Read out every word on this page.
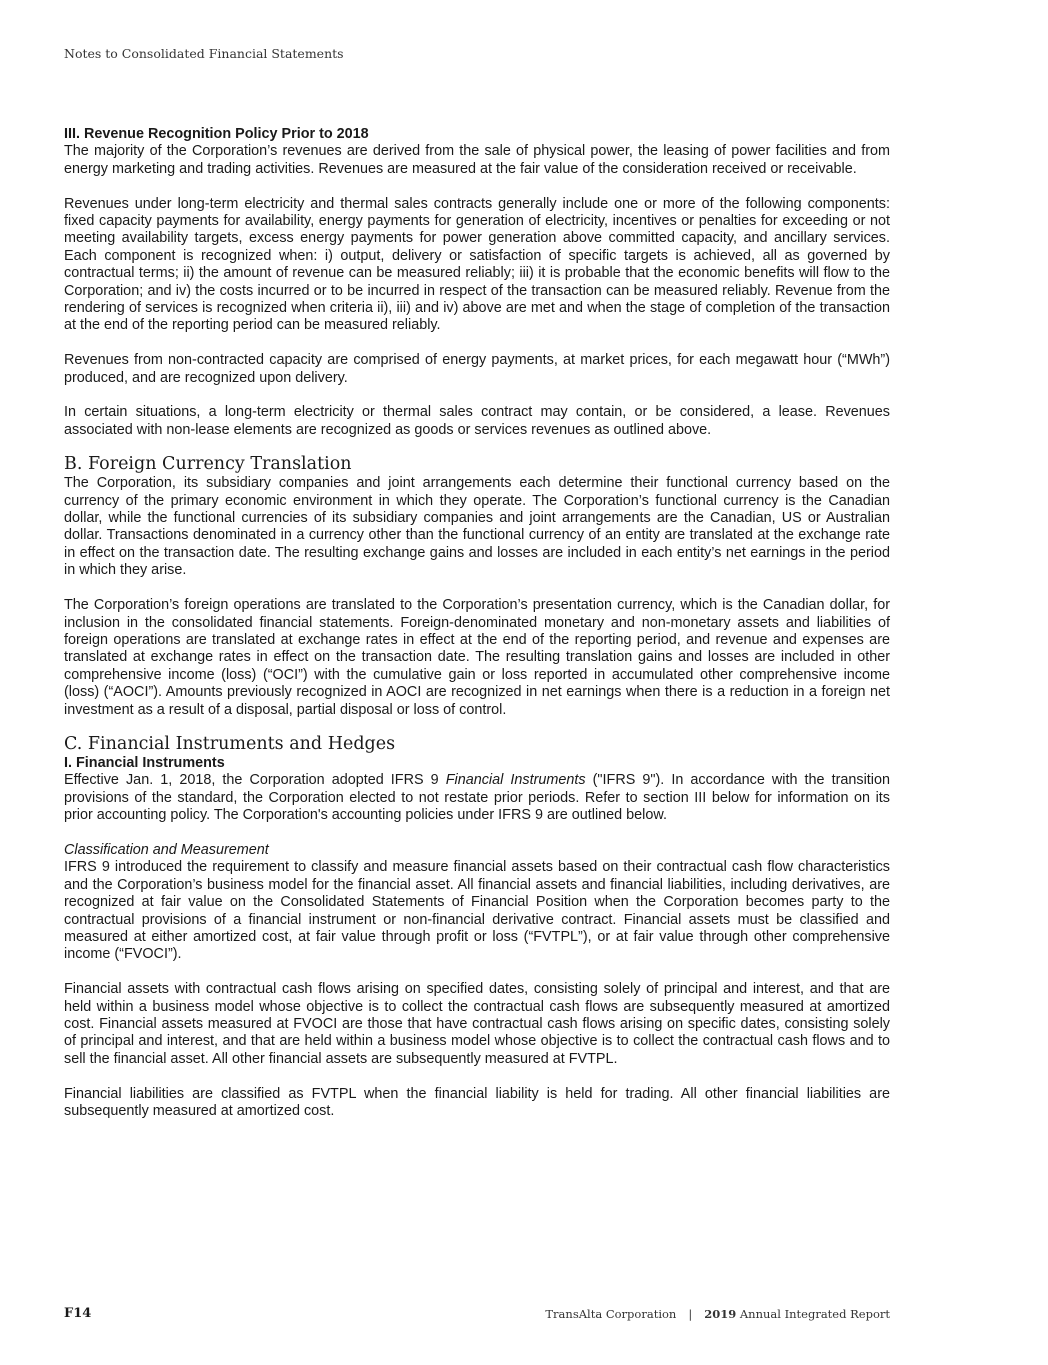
Notes to Consolidated Financial Statements

III. Revenue Recognition Policy Prior to 2018

The majority of the Corporation’s revenues are derived from the sale of physical power, the leasing of power facilities and from energy marketing and trading activities. Revenues are measured at the fair value of the consideration received or receivable.

Revenues under long-term electricity and thermal sales contracts generally include one or more of the following components: fixed capacity payments for availability, energy payments for generation of electricity, incentives or penalties for exceeding or not meeting availability targets, excess energy payments for power generation above committed capacity, and ancillary services. Each component is recognized when: i) output, delivery or satisfaction of specific targets is achieved, all as governed by contractual terms; ii) the amount of revenue can be measured reliably; iii) it is probable that the economic benefits will flow to the Corporation; and iv) the costs incurred or to be incurred in respect of the transaction can be measured reliably. Revenue from the rendering of services is recognized when criteria ii), iii) and iv) above are met and when the stage of completion of the transaction at the end of the reporting period can be measured reliably.

Revenues from non-contracted capacity are comprised of energy payments, at market prices, for each megawatt hour (“MWh”) produced, and are recognized upon delivery.

In certain situations, a long-term electricity or thermal sales contract may contain, or be considered, a lease. Revenues associated with non-lease elements are recognized as goods or services revenues as outlined above.

B. Foreign Currency Translation

The Corporation, its subsidiary companies and joint arrangements each determine their functional currency based on the currency of the primary economic environment in which they operate. The Corporation’s functional currency is the Canadian dollar, while the functional currencies of its subsidiary companies and joint arrangements are the Canadian, US or Australian dollar. Transactions denominated in a currency other than the functional currency of an entity are translated at the exchange rate in effect on the transaction date. The resulting exchange gains and losses are included in each entity’s net earnings in the period in which they arise.

The Corporation’s foreign operations are translated to the Corporation’s presentation currency, which is the Canadian dollar, for inclusion in the consolidated financial statements. Foreign-denominated monetary and non-monetary assets and liabilities of foreign operations are translated at exchange rates in effect at the end of the reporting period, and revenue and expenses are translated at exchange rates in effect on the transaction date. The resulting translation gains and losses are included in other comprehensive income (loss) (“OCI”) with the cumulative gain or loss reported in accumulated other comprehensive income (loss) (“AOCI”). Amounts previously recognized in AOCI are recognized in net earnings when there is a reduction in a foreign net investment as a result of a disposal, partial disposal or loss of control.

C. Financial Instruments and Hedges

I. Financial Instruments

Effective Jan. 1, 2018, the Corporation adopted IFRS 9 Financial Instruments ("IFRS 9"). In accordance with the transition provisions of the standard, the Corporation elected to not restate prior periods. Refer to section III below for information on its prior accounting policy. The Corporation's accounting policies under IFRS 9 are outlined below.

Classification and Measurement

IFRS 9 introduced the requirement to classify and measure financial assets based on their contractual cash flow characteristics and the Corporation’s business model for the financial asset. All financial assets and financial liabilities, including derivatives, are recognized at fair value on the Consolidated Statements of Financial Position when the Corporation becomes party to the contractual provisions of a financial instrument or non-financial derivative contract. Financial assets must be classified and measured at either amortized cost, at fair value through profit or loss (“FVTPL”), or at fair value through other comprehensive income (“FVOCI”).

Financial assets with contractual cash flows arising on specified dates, consisting solely of principal and interest, and that are held within a business model whose objective is to collect the contractual cash flows are subsequently measured at amortized cost. Financial assets measured at FVOCI are those that have contractual cash flows arising on specific dates, consisting solely of principal and interest, and that are held within a business model whose objective is to collect the contractual cash flows and to sell the financial asset. All other financial assets are subsequently measured at FVTPL.

Financial liabilities are classified as FVTPL when the financial liability is held for trading. All other financial liabilities are subsequently measured at amortized cost.

F14	TransAlta Corporation | 2019 Annual Integrated Report
